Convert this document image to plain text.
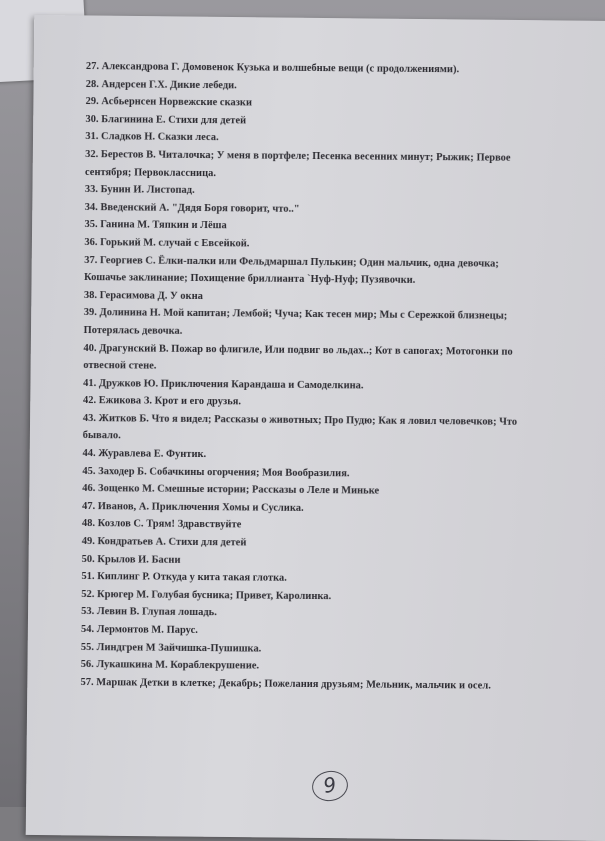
27. Александрова Г. Домовенок Кузька и волшебные вещи (с продолжениями).
28. Андерсен Г.Х. Дикие лебеди.
29. Асбьернсен Норвежские сказки
30. Благинина Е. Стихи для детей
31. Сладков Н. Сказки леса.
32. Берестов В. Читалочка; У меня в портфеле; Песенка весенних минут; Рыжик; Первое
сентября; Первоклассница.
33. Бунин И. Листопад.
34. Введенский А. "Дядя Боря говорит, что.."
35. Ганина М. Тяпкин и Лёша
36. Горький М. случай с Евсейкой.
37. Георгиев С. Ёлки-палки или Фельдмаршал Пулькин; Один мальчик, одна девочка;
Кошачье заклинание; Похищение бриллианта `Нуф-Нуф; Пузявочки.
38. Герасимова Д. У окна
39. Долинина Н. Мой капитан; Лембой; Чуча; Как тесен мир; Мы с Сережкой близнецы;
Потерялась девочка.
40. Драгунский В. Пожар во флигиле, Или подвиг во льдах..; Кот в сапогах; Мотогонки по
отвесной стене.
41. Дружков Ю. Приключения Карандаша и Самоделкина.
42. Ежикова З. Крот и его друзья.
43. Житков Б. Что я видел; Рассказы о животных; Про Пудю; Как я ловил человечков; Что
бывало.
44. Журавлева Е. Фунтик.
45. Заходер Б. Собачкины огорчения; Моя Вообразилия.
46. Зощенко М. Смешные истории; Рассказы о Леле и Миньке
47. Иванов, А. Приключения Хомы и Суслика.
48. Козлов С. Трям! Здравствуйте
49. Кондратьев А. Стихи для детей
50. Крылов И. Басни
51. Киплинг Р. Откуда у кита такая глотка.
52. Крюгер М. Голубая бусника; Привет, Каролинка.
53. Левин В. Глупая лошадь.
54. Лермонтов М. Парус.
55. Линдгрен М Зайчишка-Пушишка.
56. Лукашкина М. Кораблекрушение.
57. Маршак Детки в клетке; Декабрь; Пожелания друзьям; Мельник, мальчик и осел.
9
